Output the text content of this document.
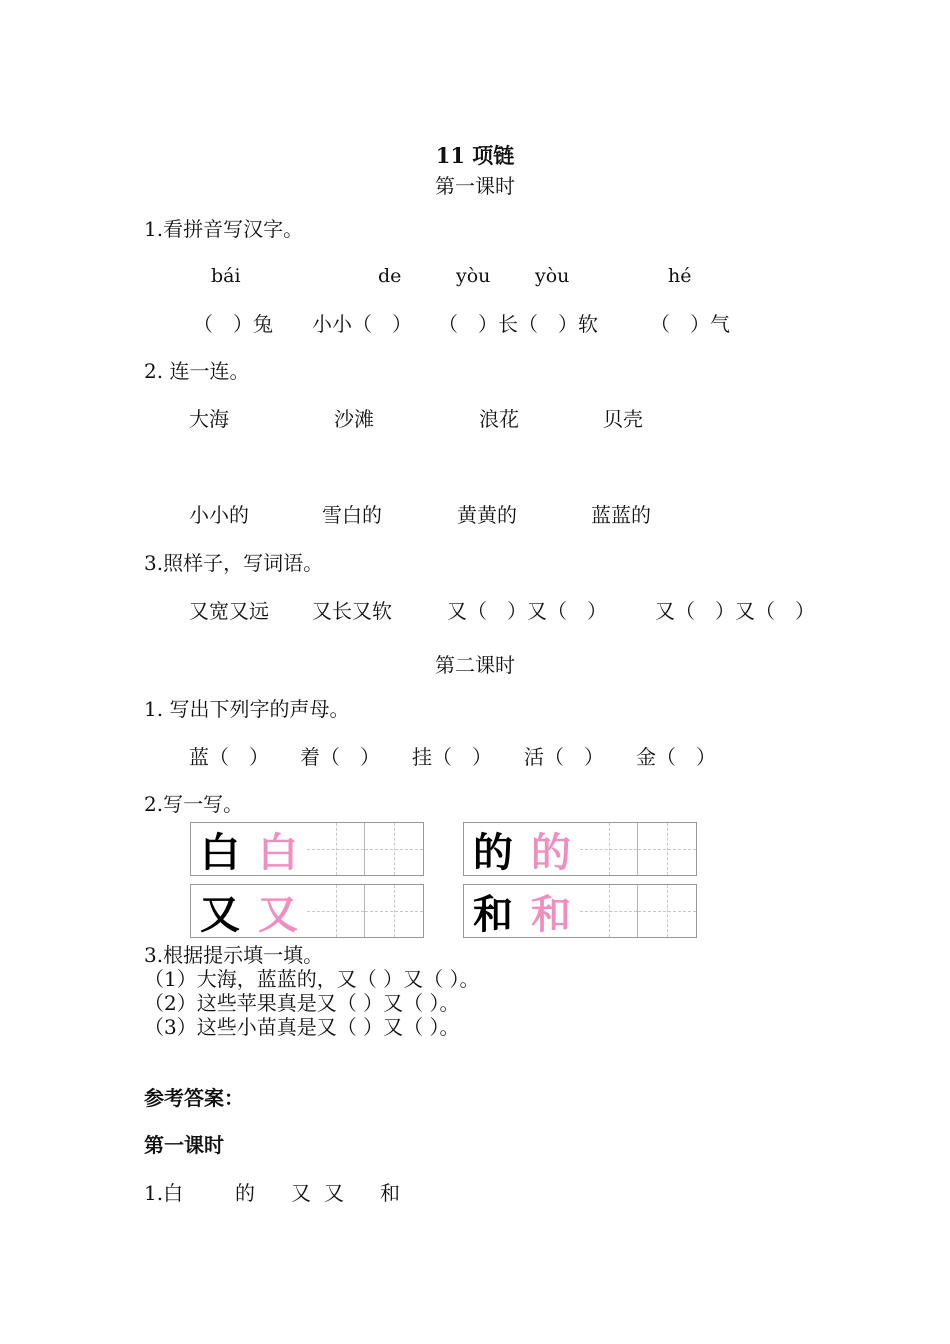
11 项链
第一课时
1.看拼音写汉字。
bái	de	yòu yòu	hé
（　）兔 小小（　） （　）长（　）软	（　）气
2. 连一连。
大海	沙滩	浪花	贝壳
小小的	雪白的	黄黄的	蓝蓝的
3.照样子，写词语。
又宽又远 又长又软	又（　）又（　） 又（　）又（　）
第二课时
1. 写出下列字的声母。
蓝（　） 着（　） 挂（　） 活（　） 金（　）
2.写一写。
白 白	的 的
又 又	和 和
3.根据提示填一填。
（1）大海，蓝蓝的，又（ ）又（ ）。
（2）这些苹果真是又（ ）又（ ）。
（3）这些小苗真是又（ ）又（ ）。
参考答案：
第一课时
1.白	的 又 又 和
